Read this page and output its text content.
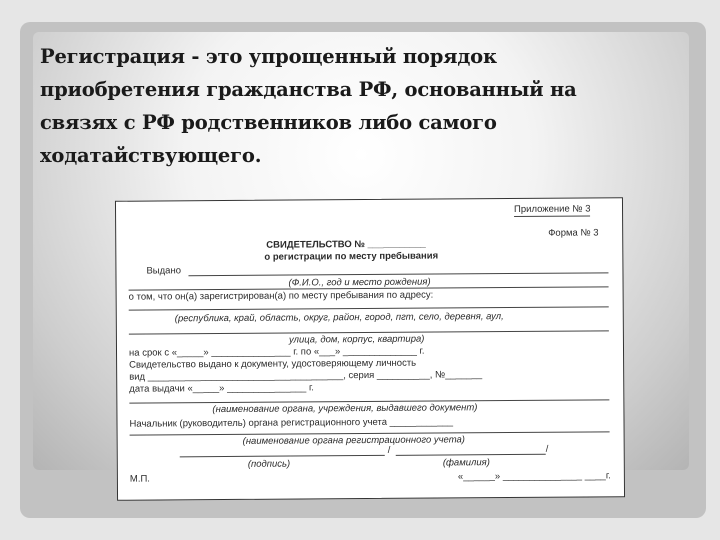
Регистрация - это упрощенный порядок
приобретения гражданства РФ, основанный на
связях с РФ родственников либо самого
ходатайствующего.
Приложение № 3
Форма № 3
СВИДЕТЕЛЬСТВО № ___________
о регистрации по месту пребывания
Выдано
(Ф.И.О., год и место рождения)
о том, что он(а) зарегистрирован(а) по месту пребывания по адресу:
(республика, край, область, округ, район, город, пгт, село, деревня, аул,
улица, дом, корпус, квартира)
на срок с «_____» _______________ г. по «___» ______________ г.
Свидетельство выдано к документу, удостоверяющему личность
вид _____________________________________, серия __________, №_______
дата выдачи «_____» _______________ г.
(наименование органа, учреждения, выдавшего документ)
Начальник (руководитель) органа регистрационного учета ____________
(наименование органа регистрационного учета)
/	/
(подпись)	(фамилия)
М.П.	«______» _______________ ____г.
